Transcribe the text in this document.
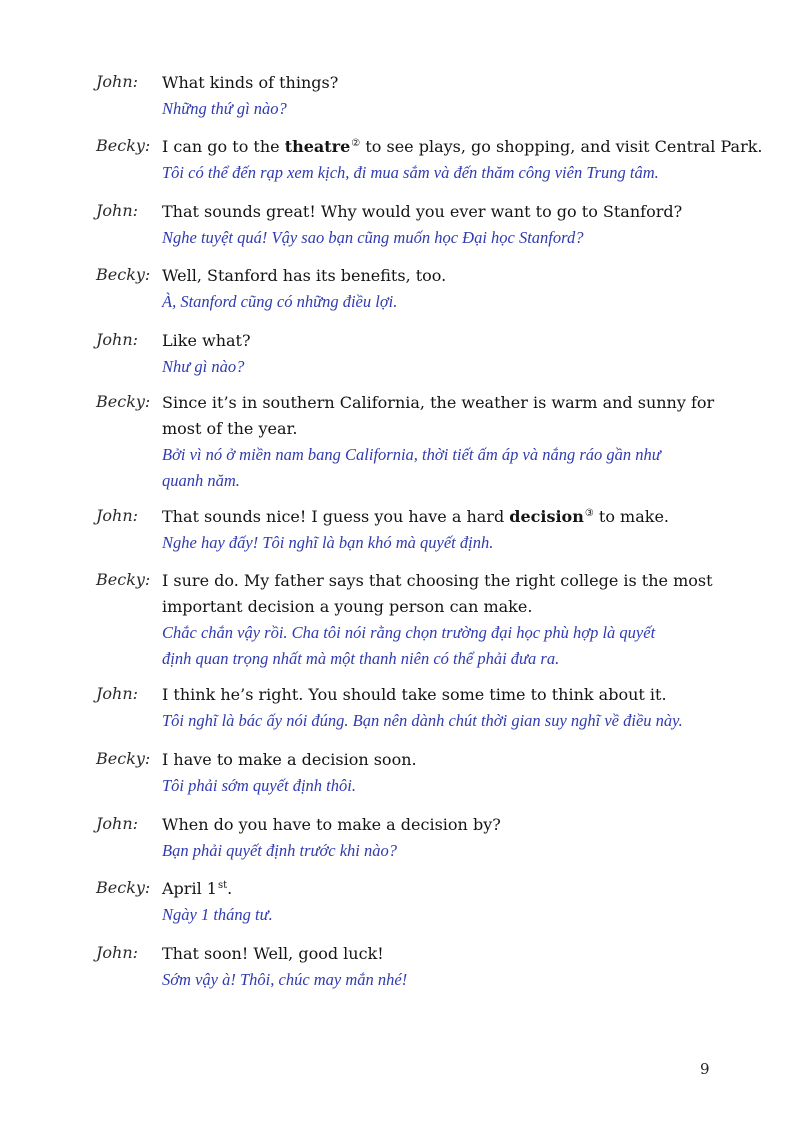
John: What kinds of things?
Những thứ gì nào?
Becky: I can go to the theatre② to see plays, go shopping, and visit Central Park.
Tôi có thể đến rạp xem kịch, đi mua sắm và đến thăm công viên Trung tâm.
John: That sounds great! Why would you ever want to go to Stanford?
Nghe tuyệt quá! Vậy sao bạn cũng muốn học Đại học Stanford?
Becky: Well, Stanford has its benefits, too.
À, Stanford cũng có những điều lợi.
John: Like what?
Như gì nào?
Becky: Since it’s in southern California, the weather is warm and sunny for
most of the year.
Bởi vì nó ở miền nam bang California, thời tiết ấm áp và nắng ráo gần như
quanh năm.
John: That sounds nice! I guess you have a hard decision③ to make.
Nghe hay đấy! Tôi nghĩ là bạn khó mà quyết định.
Becky: I sure do. My father says that choosing the right college is the most
important decision a young person can make.
Chắc chắn vậy rồi. Cha tôi nói rằng chọn trường đại học phù hợp là quyết
định quan trọng nhất mà một thanh niên có thể phải đưa ra.
John: I think he’s right. You should take some time to think about it.
Tôi nghĩ là bác ấy nói đúng. Bạn nên dành chút thời gian suy nghĩ về điều này.
Becky: I have to make a decision soon.
Tôi phải sớm quyết định thôi.
John: When do you have to make a decision by?
Bạn phải quyết định trước khi nào?
Becky: April 1st.
Ngày 1 tháng tư.
John: That soon! Well, good luck!
Sớm vậy à! Thôi, chúc may mắn nhé!
9
